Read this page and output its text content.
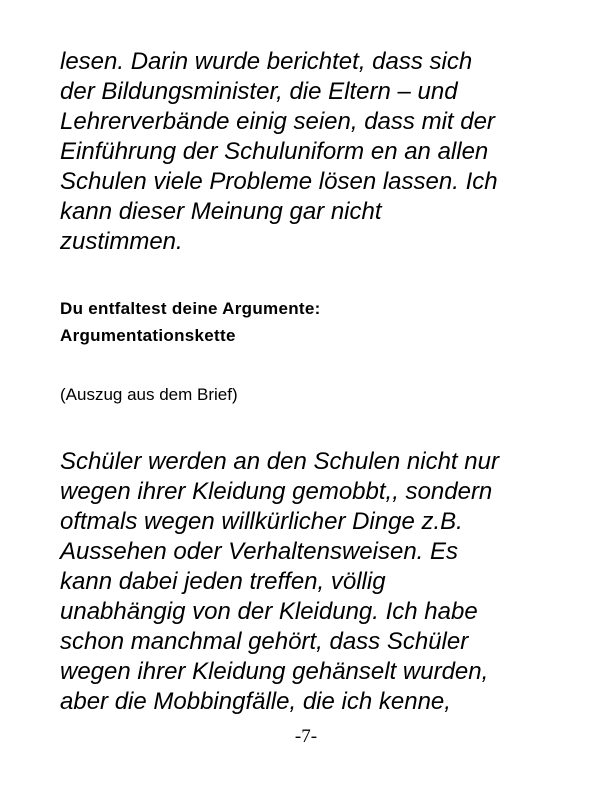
lesen. Darin wurde berichtet, dass sich
der Bildungsminister, die Eltern – und
Lehrerverbände einig seien, dass mit der
Einführung der Schuluniform en an allen
Schulen viele Probleme lösen lassen. Ich
kann dieser Meinung gar nicht
zustimmen.

Du entfaltest deine Argumente:
Argumentationskette

(Auszug aus dem Brief)

Schüler werden an den Schulen nicht nur
wegen ihrer Kleidung gemobbt,, sondern
oftmals wegen willkürlicher Dinge z.B.
Aussehen oder Verhaltensweisen. Es
kann dabei jeden treffen, völlig
unabhängig von der Kleidung. Ich habe
schon manchmal gehört, dass Schüler
wegen ihrer Kleidung gehänselt wurden,
aber die Mobbingfälle, die ich kenne,

-7-
